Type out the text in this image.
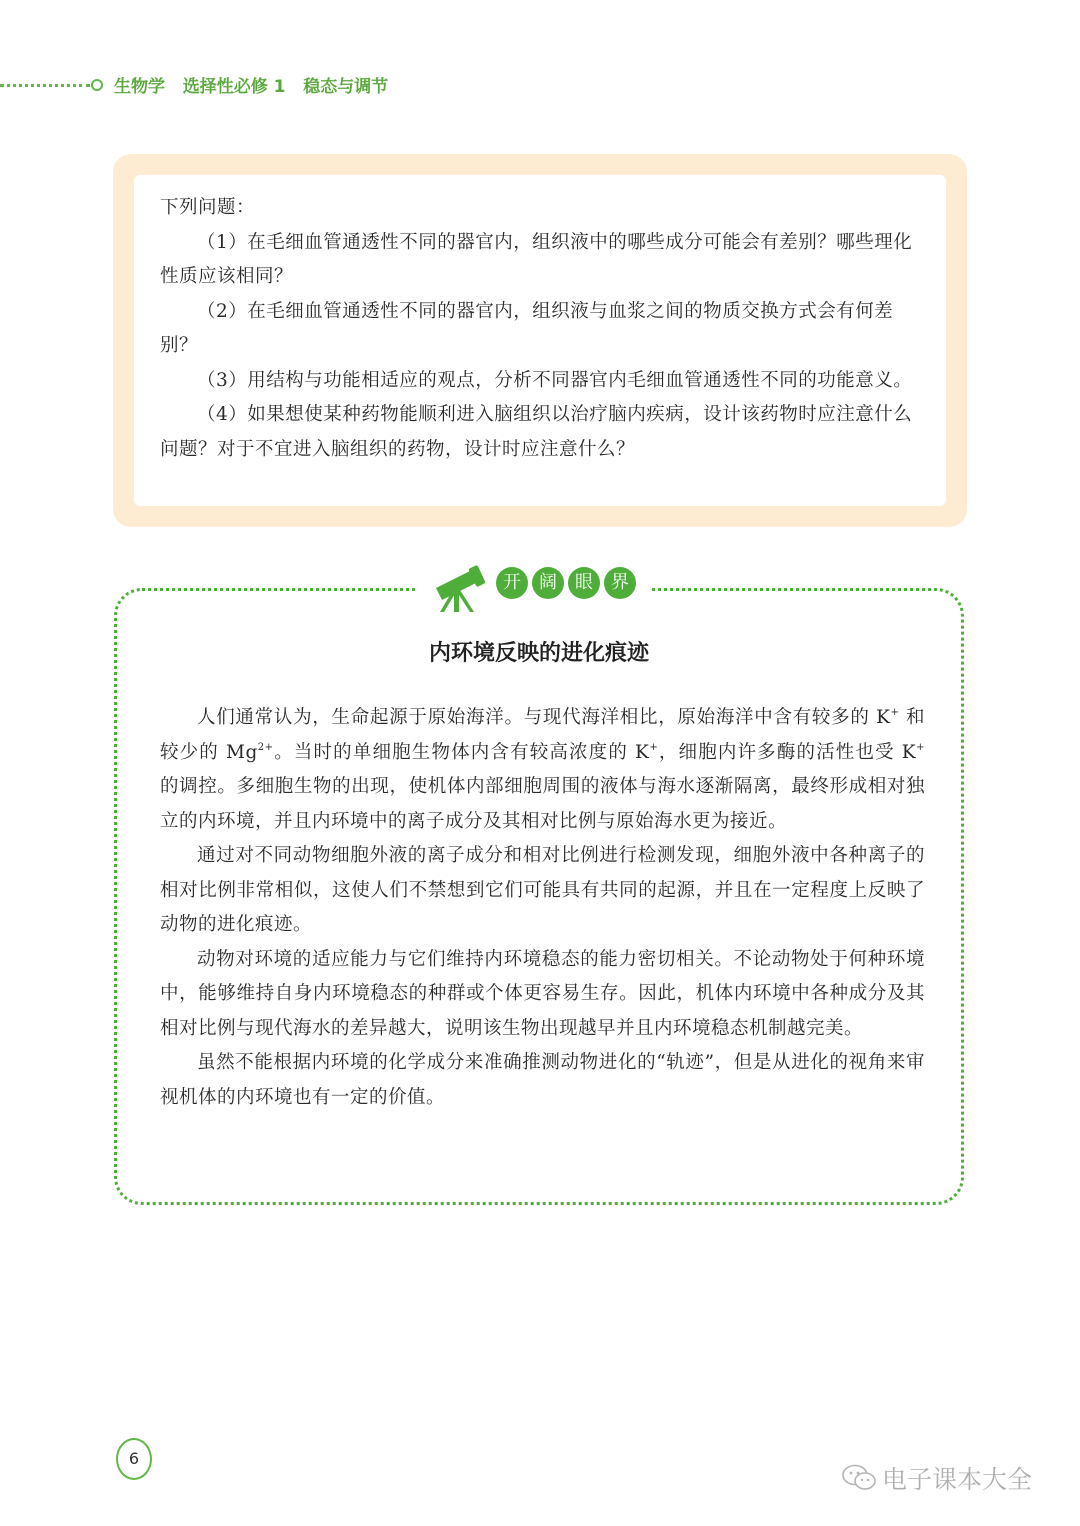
生物学   选择性必修 1   稳态与调节

下列问题：

（1）在毛细血管通透性不同的器官内，组织液中的哪些成分可能会有差别？哪些理化性质应该相同？

（2）在毛细血管通透性不同的器官内，组织液与血浆之间的物质交换方式会有何差别？

（3）用结构与功能相适应的观点，分析不同器官内毛细血管通透性不同的功能意义。

（4）如果想使某种药物能顺利进入脑组织以治疗脑内疾病，设计该药物时应注意什么问题？对于不宜进入脑组织的药物，设计时应注意什么？

开	阔	眼	界
内环境反映的进化痕迹

人们通常认为，生命起源于原始海洋。与现代海洋相比，原始海洋中含有较多的 K+ 和较少的 $Mg^{2+}$。当时的单细胞生物体内含有较高浓度的 K+，细胞内许多酶的活性也受 K+ 的调控。多细胞生物的出现，使机体内部细胞周围的液体与海水逐渐隔离，最终形成相对独立的内环境，并且内环境中的离子成分及其相对比例与原始海水更为接近。

通过对不同动物细胞外液的离子成分和相对比例进行检测发现，细胞外液中各种离子的相对比例非常相似，这使人们不禁想到它们可能具有共同的起源，并且在一定程度上反映了动物的进化痕迹。

动物对环境的适应能力与它们维持内环境稳态的能力密切相关。不论动物处于何种环境中，能够维持自身内环境稳态的种群或个体更容易生存。因此，机体内环境中各种成分及其相对比例与现代海水的差异越大，说明该生物出现越早并且内环境稳态机制越完美。

虽然不能根据内环境的化学成分来准确推测动物进化的“轨迹”，但是从进化的视角来审视机体的内环境也有一定的价值。

6
电子课本大全
